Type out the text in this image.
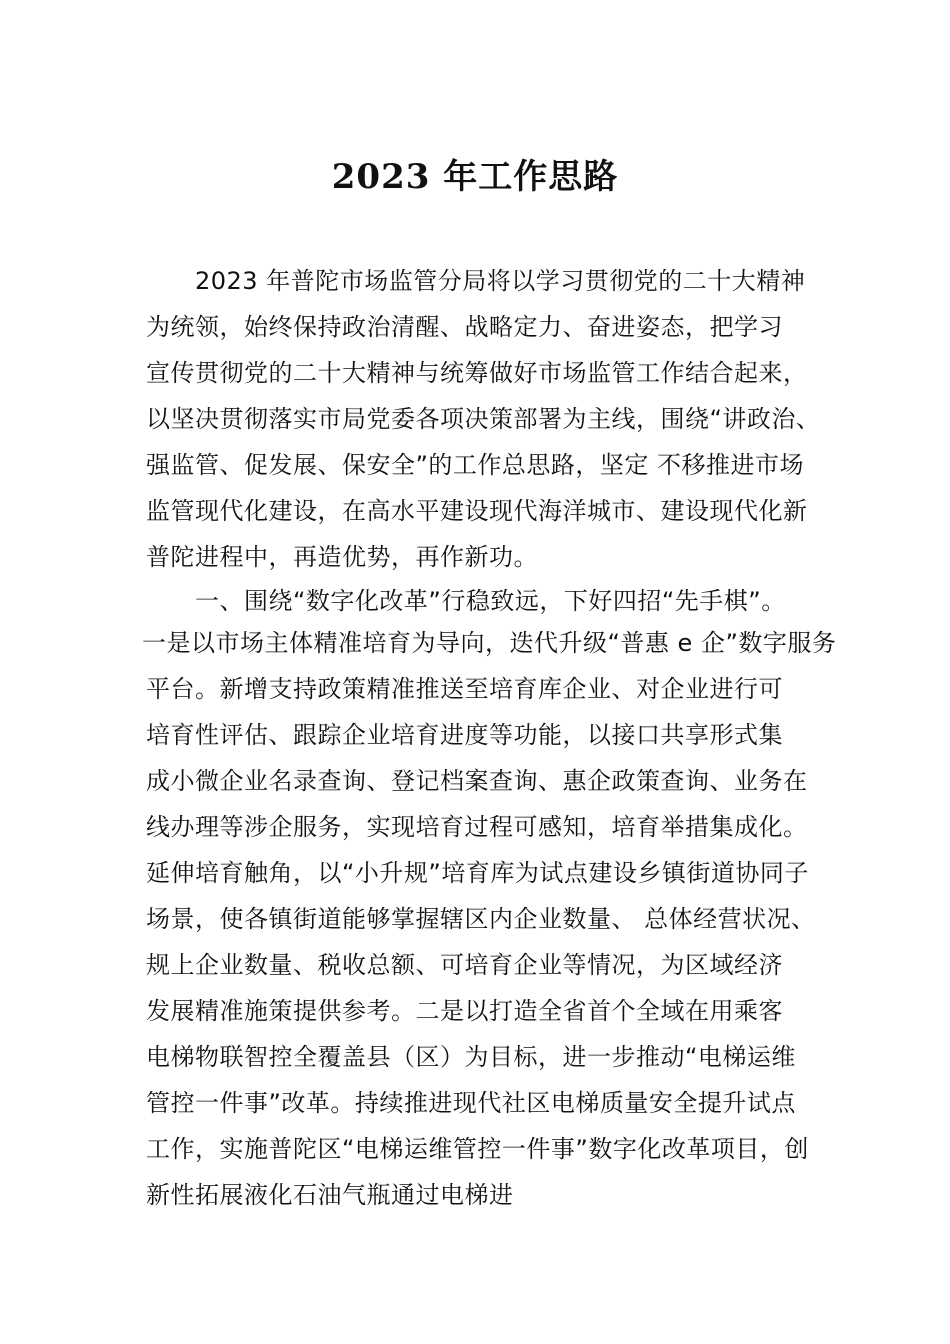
2023 年工作思路
2023 年普陀市场监管分局将以学习贯彻党的二十大精神
为统领，始终保持政治清醒、战略定力、奋进姿态，把学习
宣传贯彻党的二十大精神与统筹做好市场监管工作结合起来，
以坚决贯彻落实市局党委各项决策部署为主线，围绕“讲政治、
强监管、促发展、保安全”的工作总思路，坚定 不移推进市场
监管现代化建设，在高水平建设现代海洋城市、建设现代化新
普陀进程中，再造优势，再作新功。
一、围绕“数字化改革”行稳致远，下好四招“先手棋”。
一是以市场主体精准培育为导向，迭代升级“普惠 e 企”数字服务
平台。新增支持政策精准推送至培育库企业、对企业进行可
培育性评估、跟踪企业培育进度等功能，以接口共享形式集
成小微企业名录查询、登记档案查询、惠企政策查询、业务在
线办理等涉企服务，实现培育过程可感知，培育举措集成化。
延伸培育触角，以“小升规”培育库为试点建设乡镇街道协同子
场景，使各镇街道能够掌握辖区内企业数量、 总体经营状况、
规上企业数量、税收总额、可培育企业等情况，为区域经济
发展精准施策提供参考。二是以打造全省首个全域在用乘客
电梯物联智控全覆盖县（区）为目标，进一步推动“电梯运维
管控一件事”改革。持续推进现代社区电梯质量安全提升试点
工作，实施普陀区“电梯运维管控一件事”数字化改革项目，创
新性拓展液化石油气瓶通过电梯进
